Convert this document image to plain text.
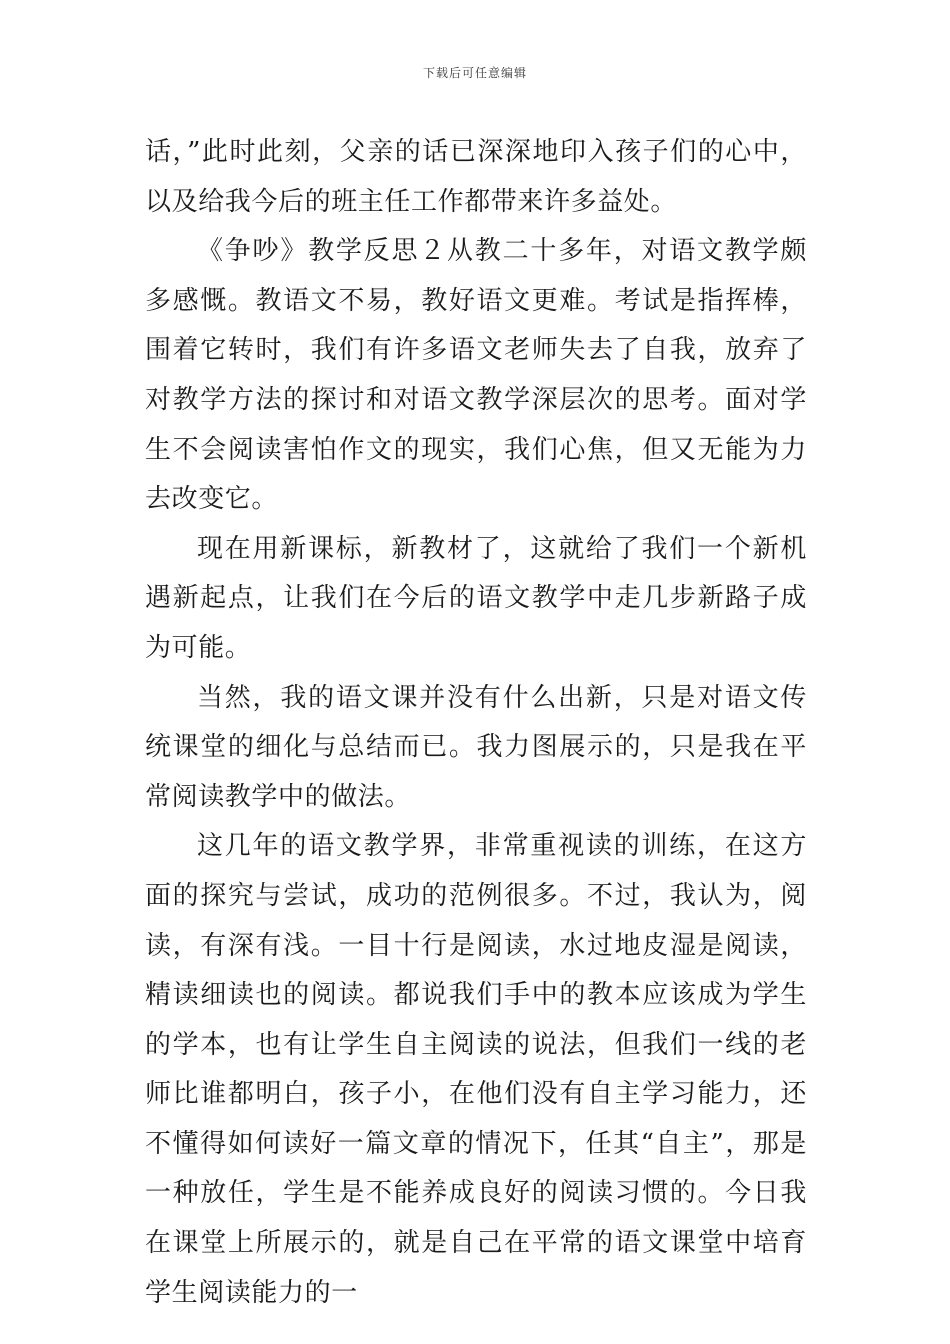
下载后可任意编辑

话，”此时此刻，父亲的话已深深地印入孩子们的心中，以及给我今后的班主任工作都带来许多益处。

《争吵》教学反思２从教二十多年，对语文教学颇多感慨。教语文不易，教好语文更难。考试是指挥棒，围着它转时，我们有许多语文老师失去了自我，放弃了对教学方法的探讨和对语文教学深层次的思考。面对学生不会阅读害怕作文的现实，我们心焦，但又无能为力去改变它。

现在用新课标，新教材了，这就给了我们一个新机遇新起点，让我们在今后的语文教学中走几步新路子成为可能。

当然，我的语文课并没有什么出新，只是对语文传统课堂的细化与总结而已。我力图展示的，只是我在平常阅读教学中的做法。

这几年的语文教学界，非常重视读的训练，在这方面的探究与尝试，成功的范例很多。不过，我认为，阅读，有深有浅。一目十行是阅读，水过地皮湿是阅读，精读细读也的阅读。都说我们手中的教本应该成为学生的学本，也有让学生自主阅读的说法，但我们一线的老师比谁都明白，孩子小，在他们没有自主学习能力，还不懂得如何读好一篇文章的情况下，任其“自主”，那是一种放任，学生是不能养成良好的阅读习惯的。今日我在课堂上所展示的，就是自己在平常的语文课堂中培育学生阅读能力的一
